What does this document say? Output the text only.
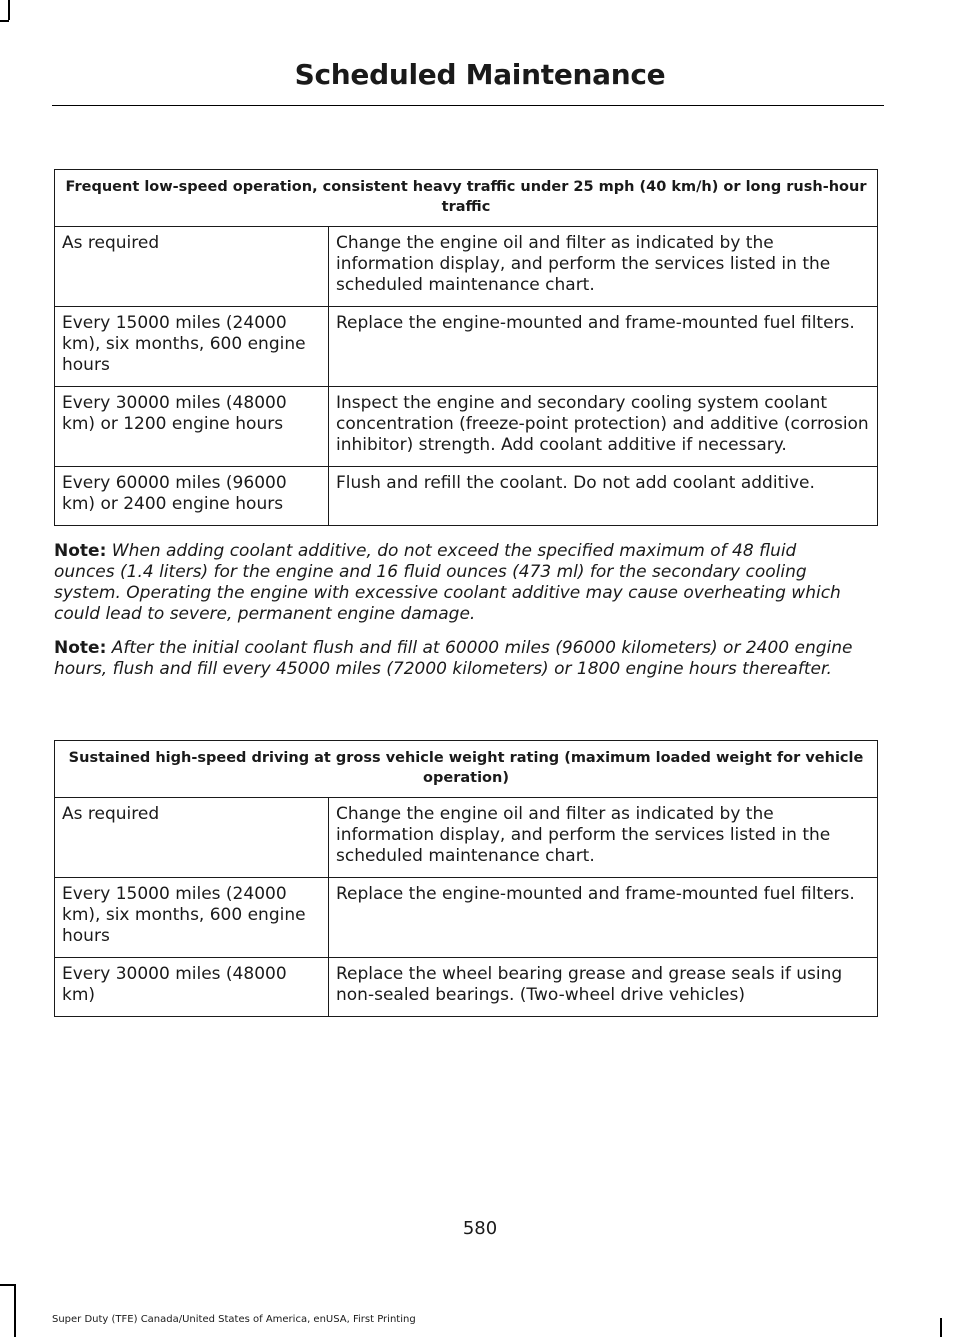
Scheduled Maintenance
Frequent low-speed operation, consistent heavy traffic under 25 mph (40 km/h) or long rush-hour traffic	
As required	Change the engine oil and filter as indicated by the information display, and perform the services listed in the scheduled maintenance chart.
Every 15000 miles (24000 km), six months, 600 engine hours	Replace the engine-mounted and frame-mounted fuel filters.
Every 30000 miles (48000 km) or 1200 engine hours	Inspect the engine and secondary cooling system coolant concentration (freeze-point protection) and additive (corrosion inhibitor) strength. Add coolant additive if necessary.
Every 60000 miles (96000 km) or 2400 engine hours	Flush and refill the coolant. Do not add coolant additive.

Note: When adding coolant additive, do not exceed the specified maximum of 48 fluid ounces (1.4 liters) for the engine and 16 fluid ounces (473 ml) for the secondary cooling system. Operating the engine with excessive coolant additive may cause overheating which could lead to severe, permanent engine damage.

Note: After the initial coolant flush and fill at 60000 miles (96000 kilometers) or 2400 engine hours, flush and fill every 45000 miles (72000 kilometers) or 1800 engine hours thereafter.

Sustained high-speed driving at gross vehicle weight rating (maximum loaded weight for vehicle operation)	
As required	Change the engine oil and filter as indicated by the information display, and perform the services listed in the scheduled maintenance chart.
Every 15000 miles (24000 km), six months, 600 engine hours	Replace the engine-mounted and frame-mounted fuel filters.
Every 30000 miles (48000 km)	Replace the wheel bearing grease and grease seals if using non-sealed bearings. (Two-wheel drive vehicles)
580
Super Duty (TFE) Canada/United States of America, enUSA, First Printing
